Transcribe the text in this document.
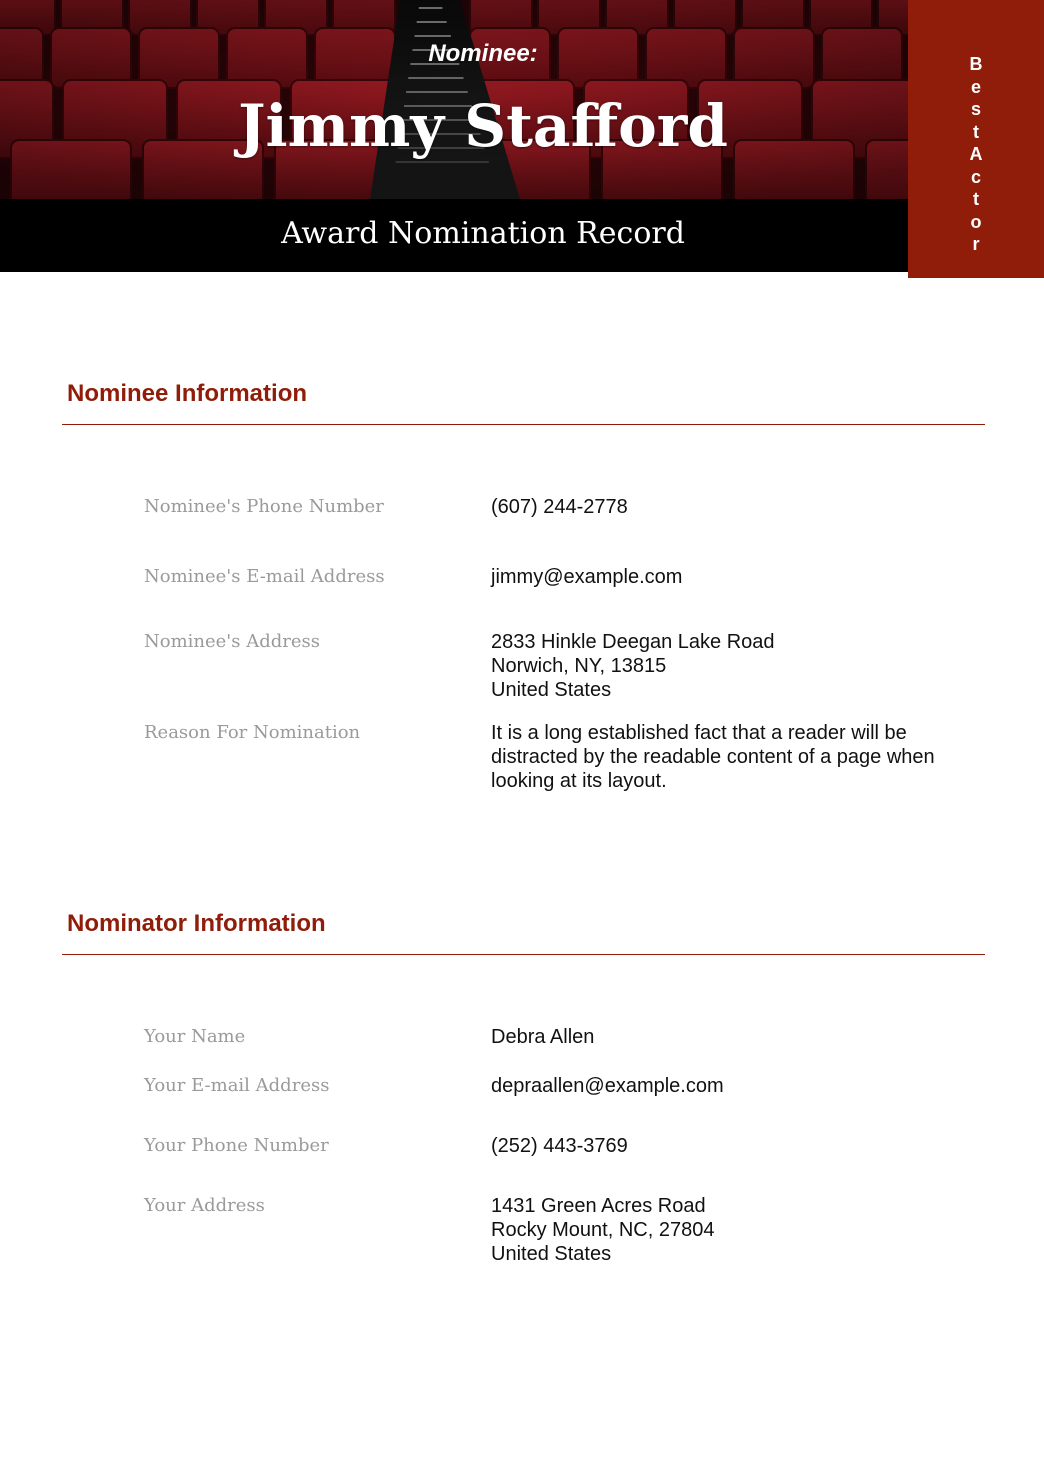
Nominee:
Jimmy Stafford
Award Nomination Record
B
e
s
t
A
c
t
o
r
Nominee Information
Nominee's Phone Number	(607) 244-2778
Nominee's E-mail Address	jimmy@example.com
Nominee's Address	2833 Hinkle Deegan Lake Road
Norwich, NY, 13815
United States
Reason For Nomination	It is a long established fact that a reader will be
distracted by the readable content of a page when
looking at its layout.
Nominator Information
Your Name	Debra Allen
Your E-mail Address	depraallen@example.com
Your Phone Number	(252) 443-3769
Your Address	1431 Green Acres Road
Rocky Mount, NC, 27804
United States
